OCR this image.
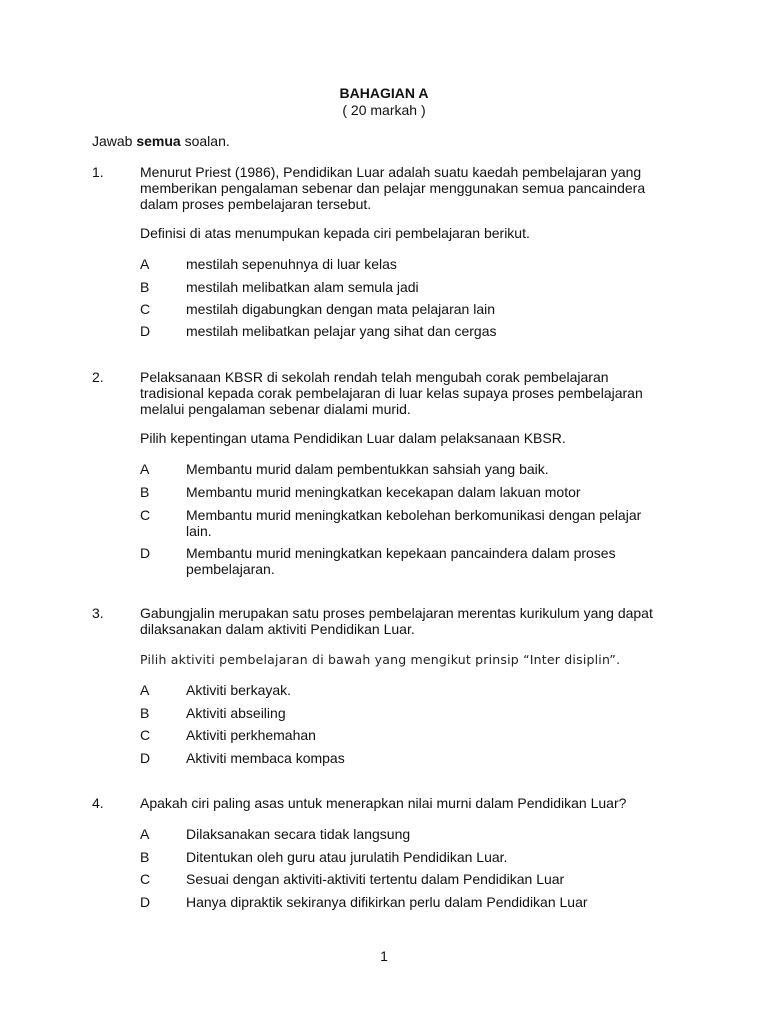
BAHAGIAN A
( 20 markah )
Jawab semua soalan.
1.	Menurut Priest (1986), Pendidikan Luar adalah suatu kaedah pembelajaran yang
memberikan pengalaman sebenar dan pelajar menggunakan semua pancaindera
dalam proses pembelajaran tersebut.
Definisi di atas menumpukan kepada ciri pembelajaran berikut.
A	mestilah sepenuhnya di luar kelas
B	mestilah melibatkan alam semula jadi
C	mestilah digabungkan dengan mata pelajaran lain
D	mestilah melibatkan pelajar yang sihat dan cergas
2.	Pelaksanaan KBSR di sekolah rendah telah mengubah corak pembelajaran
tradisional kepada corak pembelajaran di luar kelas supaya proses pembelajaran
melalui pengalaman sebenar dialami murid.
Pilih kepentingan utama Pendidikan Luar dalam pelaksanaan KBSR.
A	Membantu murid dalam pembentukkan sahsiah yang baik.
B	Membantu murid meningkatkan kecekapan dalam lakuan motor
C	Membantu murid meningkatkan kebolehan berkomunikasi dengan pelajar
lain.
D	Membantu murid meningkatkan kepekaan pancaindera dalam proses
pembelajaran.
3.	Gabungjalin merupakan satu proses pembelajaran merentas kurikulum yang dapat
dilaksanakan dalam aktiviti Pendidikan Luar.
Pilih aktiviti pembelajaran di bawah yang mengikut prinsip “Inter disiplin”.
A	Aktiviti berkayak.
B	Aktiviti abseiling
C	Aktiviti perkhemahan
D	Aktiviti membaca kompas
4.	Apakah ciri paling asas untuk menerapkan nilai murni dalam Pendidikan Luar?
A	Dilaksanakan secara tidak langsung
B	Ditentukan oleh guru atau jurulatih Pendidikan Luar.
C	Sesuai dengan aktiviti-aktiviti tertentu dalam Pendidikan Luar
D	Hanya dipraktik sekiranya difikirkan perlu dalam Pendidikan Luar
1
